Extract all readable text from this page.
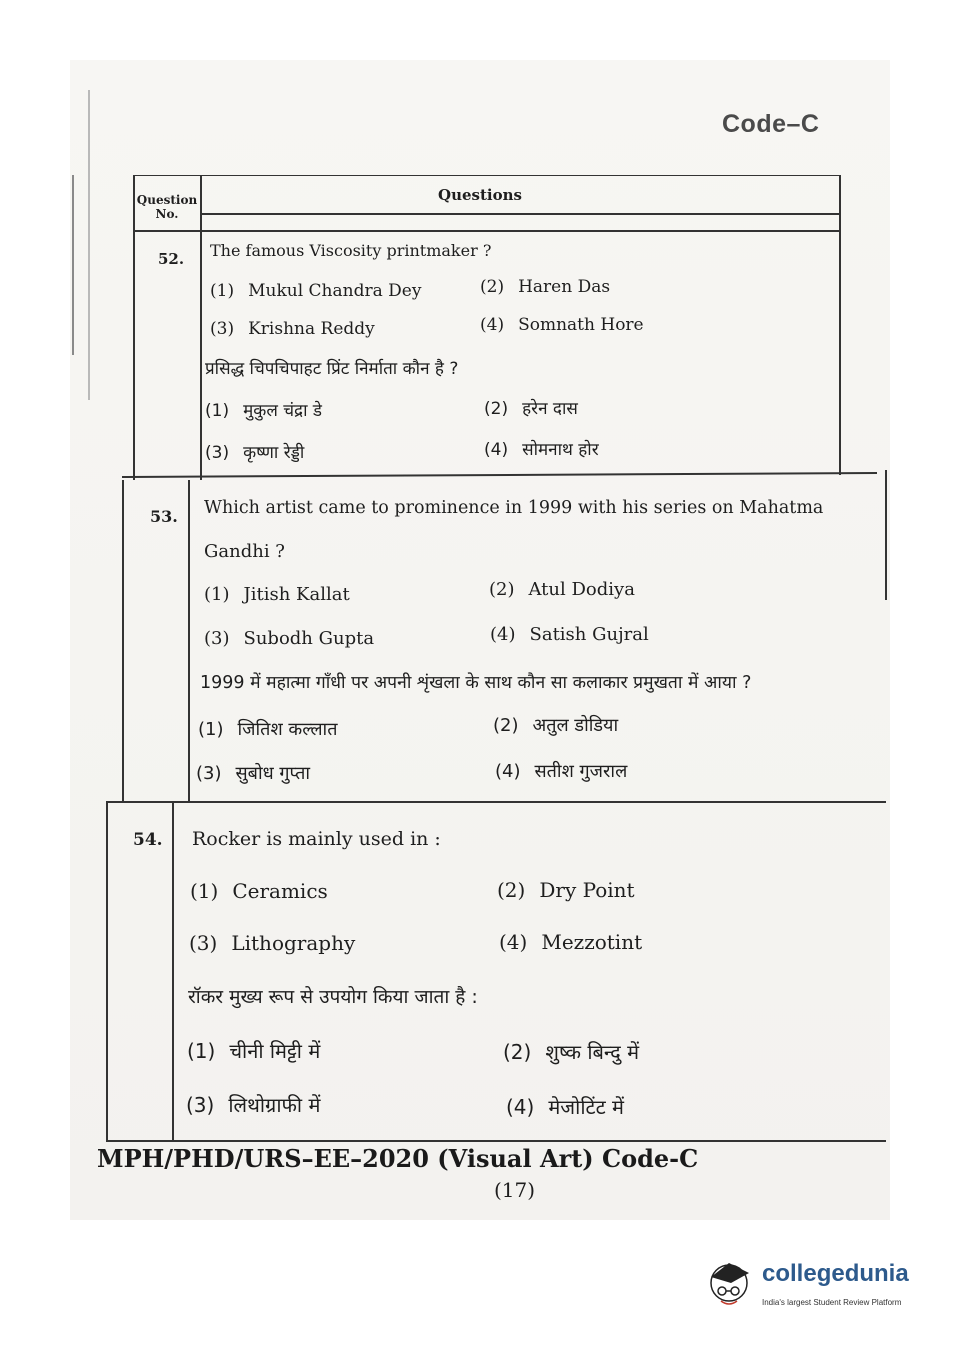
Code–C
Question
No.
Questions
52. The famous Viscosity printmaker ?
(1) Mukul Chandra Dey	(2) Haren Das
(3) Krishna Reddy	(4) Somnath Hore
प्रसिद्ध चिपचिपाहट प्रिंट निर्माता कौन है ?
(1) मुकुल चंद्रा डे	(2) हरेन दास
(3) कृष्णा रेड्डी	(4) सोमनाथ होर
53. Which artist came to prominence in 1999 with his series on Mahatma
Gandhi ?
(1) Jitish Kallat	(2) Atul Dodiya
(3) Subodh Gupta	(4) Satish Gujral
1999 में महात्मा गाँधी पर अपनी शृंखला के साथ कौन सा कलाकार प्रमुखता में आया ?
(1) जितिश कल्लात	(2) अतुल डोडिया
(3) सुबोध गुप्ता	(4) सतीश गुजराल
54. Rocker is mainly used in :
(1) Ceramics	(2) Dry Point
(3) Lithography	(4) Mezzotint
रॉकर मुख्य रूप से उपयोग किया जाता है :
(1) चीनी मिट्टी में	(2) शुष्क बिन्दु में
(3) लिथोग्राफी में	(4) मेजोटिंट में
MPH/PHD/URS–EE–2020 (Visual Art) Code-C
(17)
collegedunia
India's largest Student Review Platform
